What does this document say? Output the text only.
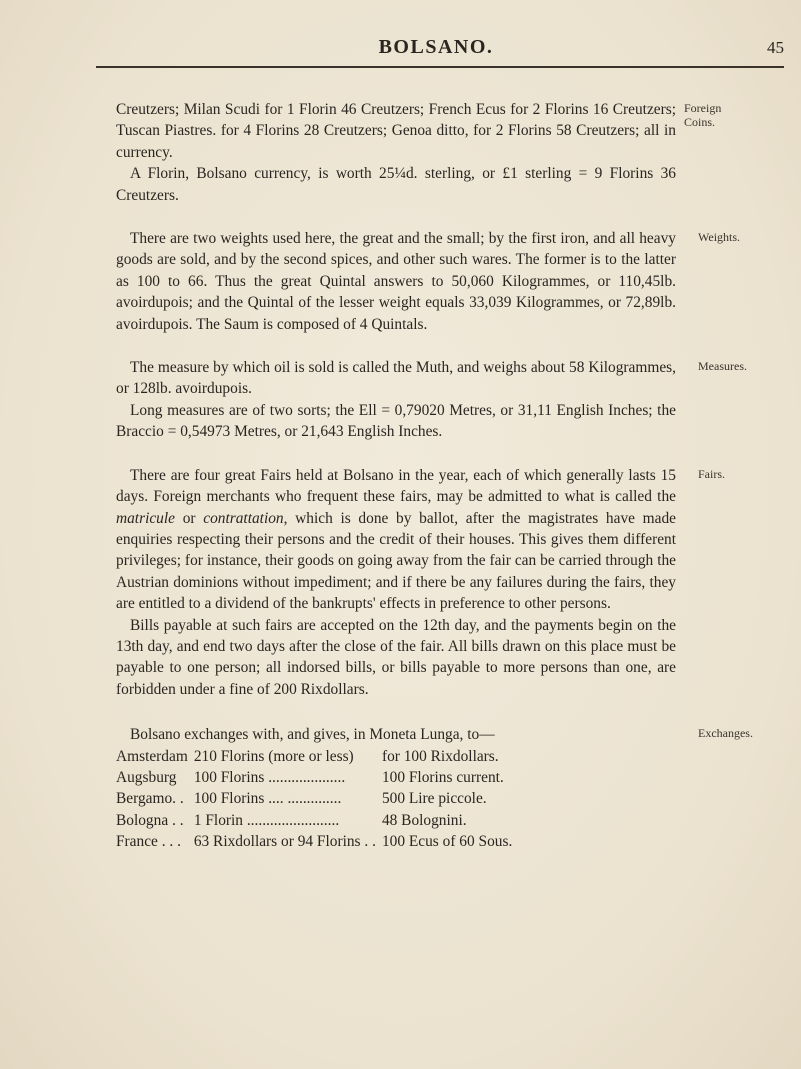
BOLSANO.	45

Creutzers; Milan Scudi for 1 Florin 46 Creutzers; French Ecus for 2 Florins 16 Creutzers; Tuscan Piastres. for 4 Florins 28 Creutzers; Genoa ditto, for 2 Florins 58 Creutzers; all in currency.
Foreign Coins.

A Florin, Bolsano currency, is worth 25¼d. sterling, or £1 sterling = 9 Florins 36 Creutzers.

There are two weights used here, the great and the small; by the first iron, and all heavy goods are sold, and by the second spices, and other such wares. The former is to the latter as 100 to 66. Thus the great Quintal answers to 50,060 Kilogrammes, or 110,45lb. avoirdupois; and the Quintal of the lesser weight equals 33,039 Kilogrammes, or 72,89lb. avoirdupois. The Saum is composed of 4 Quintals.
Weights.

The measure by which oil is sold is called the Muth, and weighs about 58 Kilogrammes, or 128lb. avoirdupois.
Measures.

Long measures are of two sorts; the Ell = 0,79020 Metres, or 31,11 English Inches; the Braccio = 0,54973 Metres, or 21,643 English Inches.

There are four great Fairs held at Bolsano in the year, each of which generally lasts 15 days. Foreign merchants who frequent these fairs, may be admitted to what is called the matricule or contrattation, which is done by ballot, after the magistrates have made enquiries respecting their persons and the credit of their houses. This gives them different privileges; for instance, their goods on going away from the fair can be carried through the Austrian dominions without impediment; and if there be any failures during the fairs, they are entitled to a dividend of the bankrupts' effects in preference to other persons.
Fairs.

Bills payable at such fairs are accepted on the 12th day, and the payments begin on the 13th day, and end two days after the close of the fair. All bills drawn on this place must be payable to one person; all indorsed bills, or bills payable to more persons than one, are forbidden under a fine of 200 Rixdollars.

Bolsano exchanges with, and gives, in Moneta Lunga, to—	Exchanges.

Amsterdam	210 Florins (more or less)	for 100 Rixdollars.
Augsburg	100 Florins ....................	100 Florins current.
Bergamo. .	100 Florins .... ..............	500 Lire piccole.
Bologna . .	1 Florin ........................	48 Bolognini.
France . . .	63 Rixdollars or 94 Florins . .	100 Ecus of 60 Sous.
